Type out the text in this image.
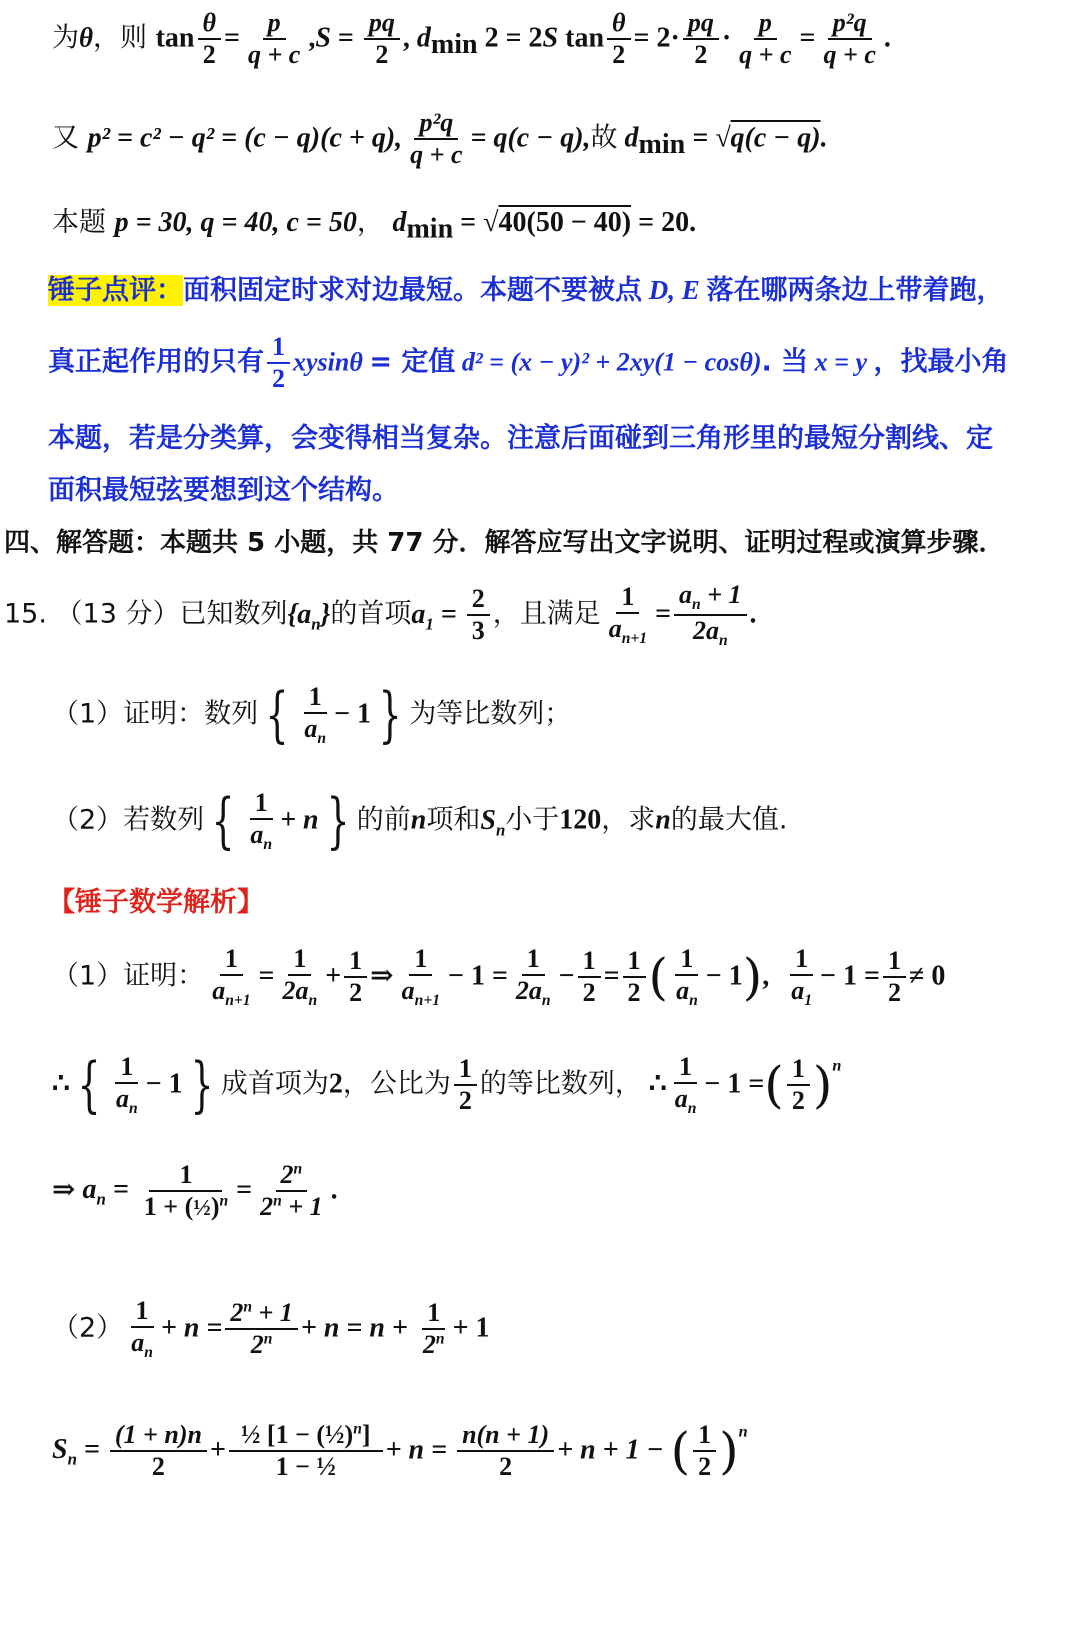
为θ，则 $\tan \frac{\theta}{2} = \frac{p}{q + c} ,S = \frac{pq}{2}$ , $d_{min}$ 2 = 2S $\tan \frac{\theta}{2} = 2\cdot \frac{pq}{2} \cdot \frac{p}{q + c} = \frac{\text{p²q}}{q + c}$ .
又 p² = c² − q² = (c − q)(c + q), $\frac{\text{p²q}}{q + c} = q(c - q)$,故 $d_{min} = √q(c - q)$.
本题 p = 30, q = 40, c = 50， $d_{min} = √40(50 - 40) = 20$.
锤子点评：面积固定时求对边最短。本题不要被点 D, E 落在哪两条边上带着跑，
真正起作用的只有 $\frac{1}{2}$ xysinθ = 定值 d² = (x − y)² + 2xy(1 − cosθ). 当 x = y ，找最小角
本题，若是分类算，会变得相当复杂。注意后面碰到三角形里的最短分割线、定
面积最短弦要想到这个结构。
四、解答题：本题共 5 小题，共 77 分．解答应写出文字说明、证明过程或演算步骤．
15. （13 分）已知数列$\{a_n\}$的首项$a_1 = \frac{2}{3}$ ，且满足 $\frac{1}{a_{n+1}} = \frac{a_n + 1}{2a_n}$ .
（1）证明：数列 { $\frac{1}{a_n} - 1$ } 为等比数列；
（2）若数列 { $\frac{1}{a_n} + n$ } 的前n项和$S_n$小于120，求n的最大值.
【锤子数学解析】
（1）证明： $\frac{1}{a_{n+1}} = \frac{1}{2a_n} + \frac{1}{2}$ ⇒ $\frac{1}{a_{n+1}} - 1 = \frac{1}{2a_n} - \frac{1}{2} = \frac{1}{2}$ ( $\frac{1}{a_n} - 1$), $\frac{1}{a_1} - 1 = \frac{1}{2} \ne 0$
∴ { $\frac{1}{a_n} - 1$ } 成首项为2，公比为 $\frac{1}{2}$ 的等比数列， ∴ $\frac{1}{a_n} - 1$ =( $\frac{1}{2} )^n$
⇒ $a_n = \frac{1}{1 + (\frac{1}{2})^n} = \frac{2^n}{2^n + 1}$ .
$(2) \frac{1}{a_n} + n = \frac{2^n + 1}{2^n} + n = n + \frac{1}{2^n} + 1$
$S_n = \frac{(1 + n)n}{2} + \frac{\frac{1}{2} [1 - (\frac{1}{2})^n]}{\text{1 − ½}} + n = \frac{n(n + 1)}{2} + n + 1$ − ( $\frac{1}{2} )^n$
